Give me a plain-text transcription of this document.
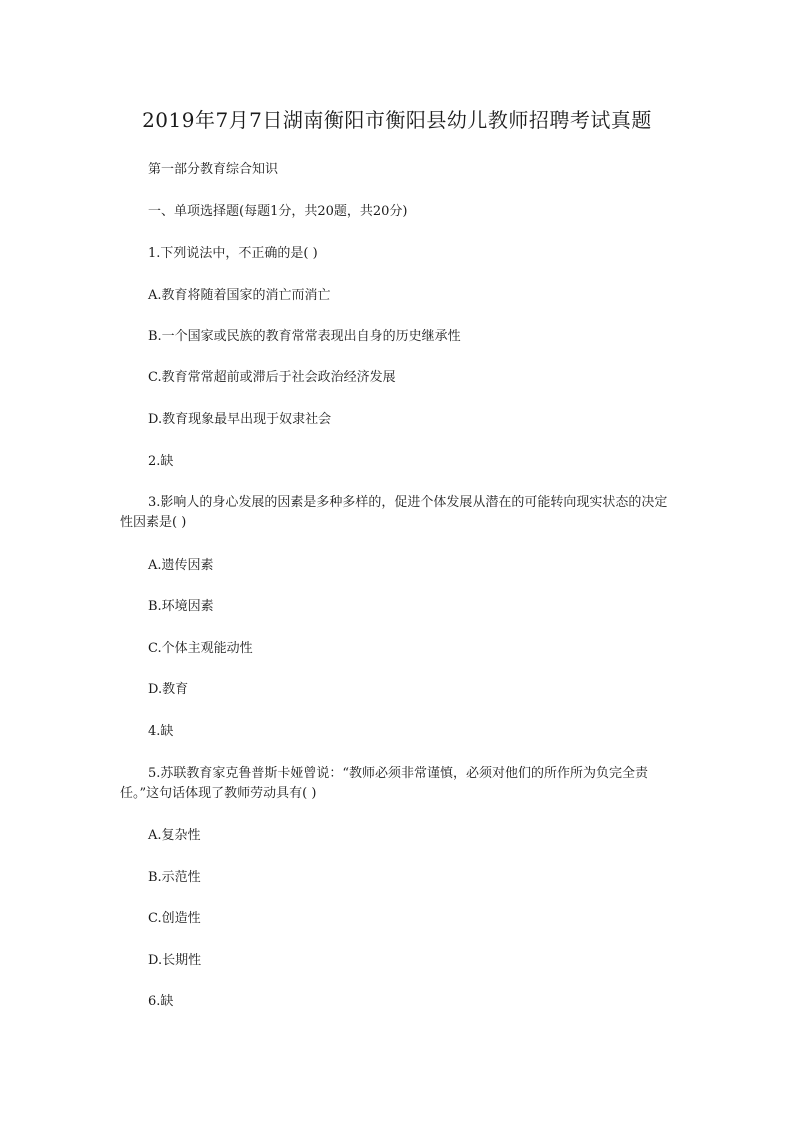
2019年7月7日湖南衡阳市衡阳县幼儿教师招聘考试真题
第一部分教育综合知识
一、单项选择题(每题1分，共20题，共20分)
1.下列说法中，不正确的是( )
A.教育将随着国家的消亡而消亡
B.一个国家或民族的教育常常表现出自身的历史继承性
C.教育常常超前或滞后于社会政治经济发展
D.教育现象最早出现于奴隶社会
2.缺
3.影响人的身心发展的因素是多种多样的，促进个体发展从潜在的可能转向现实状态的决定性因素是( )
A.遗传因素
B.环境因素
C.个体主观能动性
D.教育
4.缺
5.苏联教育家克鲁普斯卡娅曾说：“教师必须非常谨慎，必须对他们的所作所为负完全责任。”这句话体现了教师劳动具有( )
A.复杂性
B.示范性
C.创造性
D.长期性
6.缺
